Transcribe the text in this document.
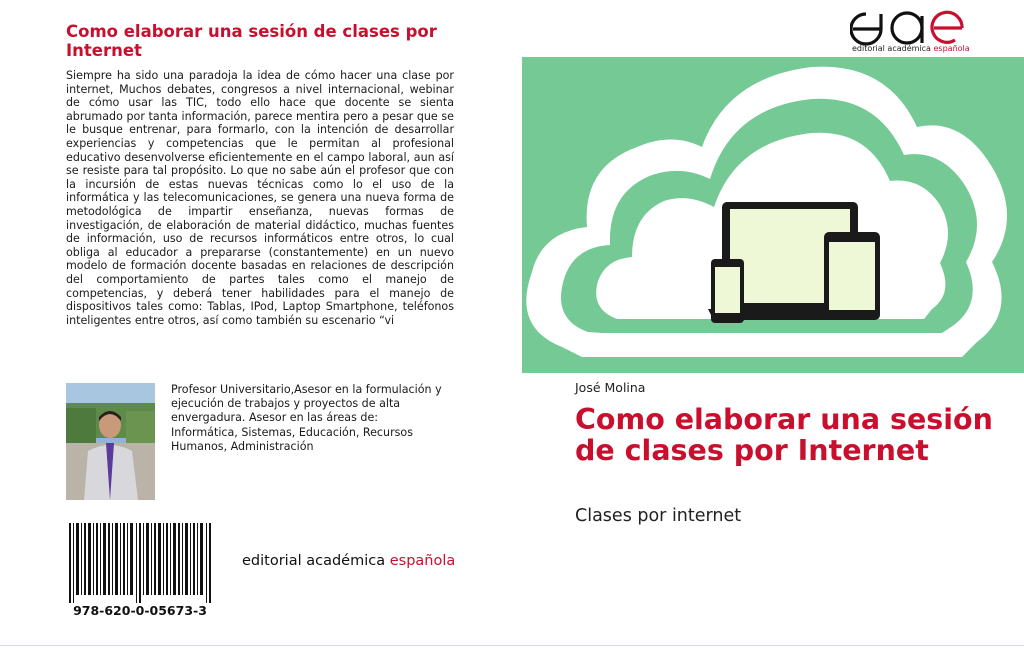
Como elaborar una sesión de clases por Internet

Siempre ha sido una paradoja la idea de cómo hacer una clase por internet, Muchos debates, congresos a nivel internacional, webinar de cómo usar las TIC, todo ello hace que docente se sienta abrumado por tanta información, parece mentira pero a pesar que se le busque entrenar, para formarlo, con la intención de desarrollar experiencias y competencias que le permitan al profesional educativo desenvolverse eficientemente en el campo laboral, aun así se resiste para tal propósito. Lo que no sabe aún el profesor que con la incursión de estas nuevas técnicas como lo el uso de la informática y las telecomunicaciones, se genera una nueva forma de metodológica de impartir enseñanza, nuevas formas de investigación, de elaboración de material didáctico, muchas fuentes de información, uso de recursos informáticos entre otros, lo cual obliga al educador a prepararse (constantemente) en un nuevo modelo de formación docente basadas en relaciones de descripción del comportamiento de partes tales como el manejo de competencias, y deberá tener habilidades para el manejo de dispositivos tales como: Tablas, IPod, Laptop Smartphone, teléfonos inteligentes entre otros, así como también su escenario “vi

Profesor Universitario,Asesor en la formulación y ejecución de trabajos y proyectos de alta envergadura. Asesor en las áreas de: Informática, Sistemas, Educación, Recursos Humanos, Administración

978-620-0-05673-3
editorial académica española
editorial académica española
José Molina
Como elaborar una sesión de clases por Internet
Clases por internet
